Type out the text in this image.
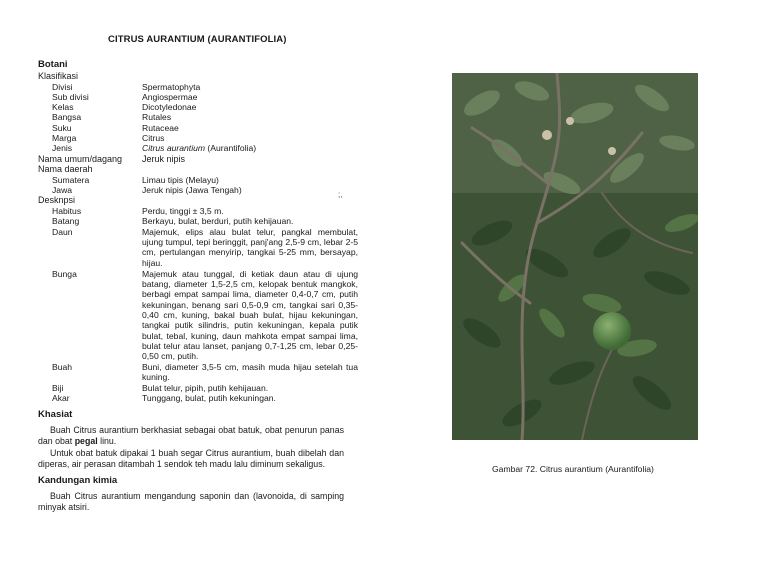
CITRUS AURANTIUM (AURANTIFOLIA)
Botani
Klasifikasi
Divisi	Spermatophyta
Sub divisi	Angiospermae
Kelas	Dicotyledonae
Bangsa	Rutales
Suku	Rutaceae
Marga	Citrus
Jenis	Citrus aurantium (Aurantifolia)
Nama umum/dagang	Jeruk nipis
Nama daerah
Sumatera	Limau tipis (Melayu)
Jawa	Jeruk nipis (Jawa Tengah)
Desknpsi
Habitus	Perdu, tinggi ± 3,5 m.
Batang	Berkayu, bulat, berduri, putih kehijauan.
Daun	Majemuk, elips alau bulat telur, pangkal membulat, ujung tumpul, tepi beringgit, panj'ang 2,5-9 cm, lebar 2-5 cm, pertulangan menyirip, tangkai 5-25 mm, bersayap, hijau.
Bunga	Majemuk atau tunggal, di ketiak daun atau di ujung batang, diameter 1,5-2,5 cm, kelopak bentuk mangkok, berbagi empat sampai lima, diameter 0,4-0,7 cm, putih kekuningan, benang sari 0,5-0,9 cm, tangkai sari 0,35-0,40 cm, kuning, bakal buah bulat, hijau kekuningan, tangkai putik silindris, putin kekuningan, kepala putik bulat, tebal, kuning, daun mahkota empat sampai lima, bulat telur atau lanset, panjang 0,7-1,25 cm, lebar 0,25-0,50 cm, putih.
Buah	Buni, diameter 3,5-5 cm, masih muda hijau setelah tua kuning.
Biji	Bulat telur, pipih, putih kehijauan.
Akar	Tunggang, bulat, putih kekuningan.
;,
Khasiat
Buah Citrus aurantium berkhasiat sebagai obat batuk, obat penurun panas dan obat pegal linu.
Untuk obat batuk dipakai 1 buah segar Citrus aurantium, buah dibelah dan diperas, air perasan ditambah 1 sendok teh madu lalu diminum sekaligus.
Kandungan kimia
Buah Citrus aurantium mengandung saponin dan (lavonoida, di samping minyak atsiri.
Gambar 72. Citrus aurantium (Aurantifolia)
